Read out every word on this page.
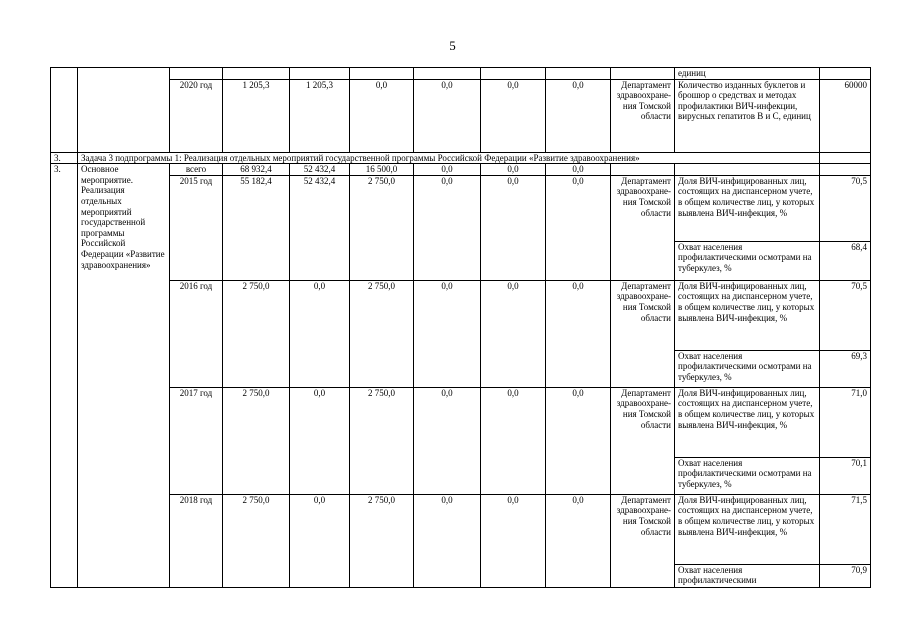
5
										единиц	
		2020 год	1 205,3	1 205,3	0,0	0,0	0,0	0,0	Департамент здравоохране-ния Томской области	Количество изданных буклетов и брошюр о средствах и методах профилактики ВИЧ-инфекции, вирусных гепатитов В и С, единиц	60000
3.	Задача 3 подпрограммы 1: Реализация отдельных мероприятий государственной программы Российской Федерации «Развитие здравоохранения»										
3.	Основное мероприятие. Реализация отдельных мероприятий государственной программы Российской Федерации «Развитие здравоохранения»	всего	68 932,4	52 432,4	16 500,0	0,0	0,0	0,0			
		2015 год	55 182,4	52 432,4	2 750,0	0,0	0,0	0,0	Департамент здравоохране-ния Томской области	Доля ВИЧ-инфицированных лиц, состоящих на диспансерном учете, в общем количестве лиц, у которых выявлена ВИЧ-инфекция, %	70,5
										Охват населения профилактическими осмотрами на туберкулез, %	68,4
		2016 год	2 750,0	0,0	2 750,0	0,0	0,0	0,0	Департамент здравоохране-ния Томской области	Доля ВИЧ-инфицированных лиц, состоящих на диспансерном учете, в общем количестве лиц, у которых выявлена ВИЧ-инфекция, %	70,5
										Охват населения профилактическими осмотрами на туберкулез, %	69,3
		2017 год	2 750,0	0,0	2 750,0	0,0	0,0	0,0	Департамент здравоохране-ния Томской области	Доля ВИЧ-инфицированных лиц, состоящих на диспансерном учете, в общем количестве лиц, у которых выявлена ВИЧ-инфекция, %	71,0
										Охват населения профилактическими осмотрами на туберкулез, %	70,1
		2018 год	2 750,0	0,0	2 750,0	0,0	0,0	0,0	Департамент здравоохране-ния Томской области	Доля ВИЧ-инфицированных лиц, состоящих на диспансерном учете, в общем количестве лиц, у которых выявлена ВИЧ-инфекция, %	71,5
										Охват населения профилактическими	70,9
